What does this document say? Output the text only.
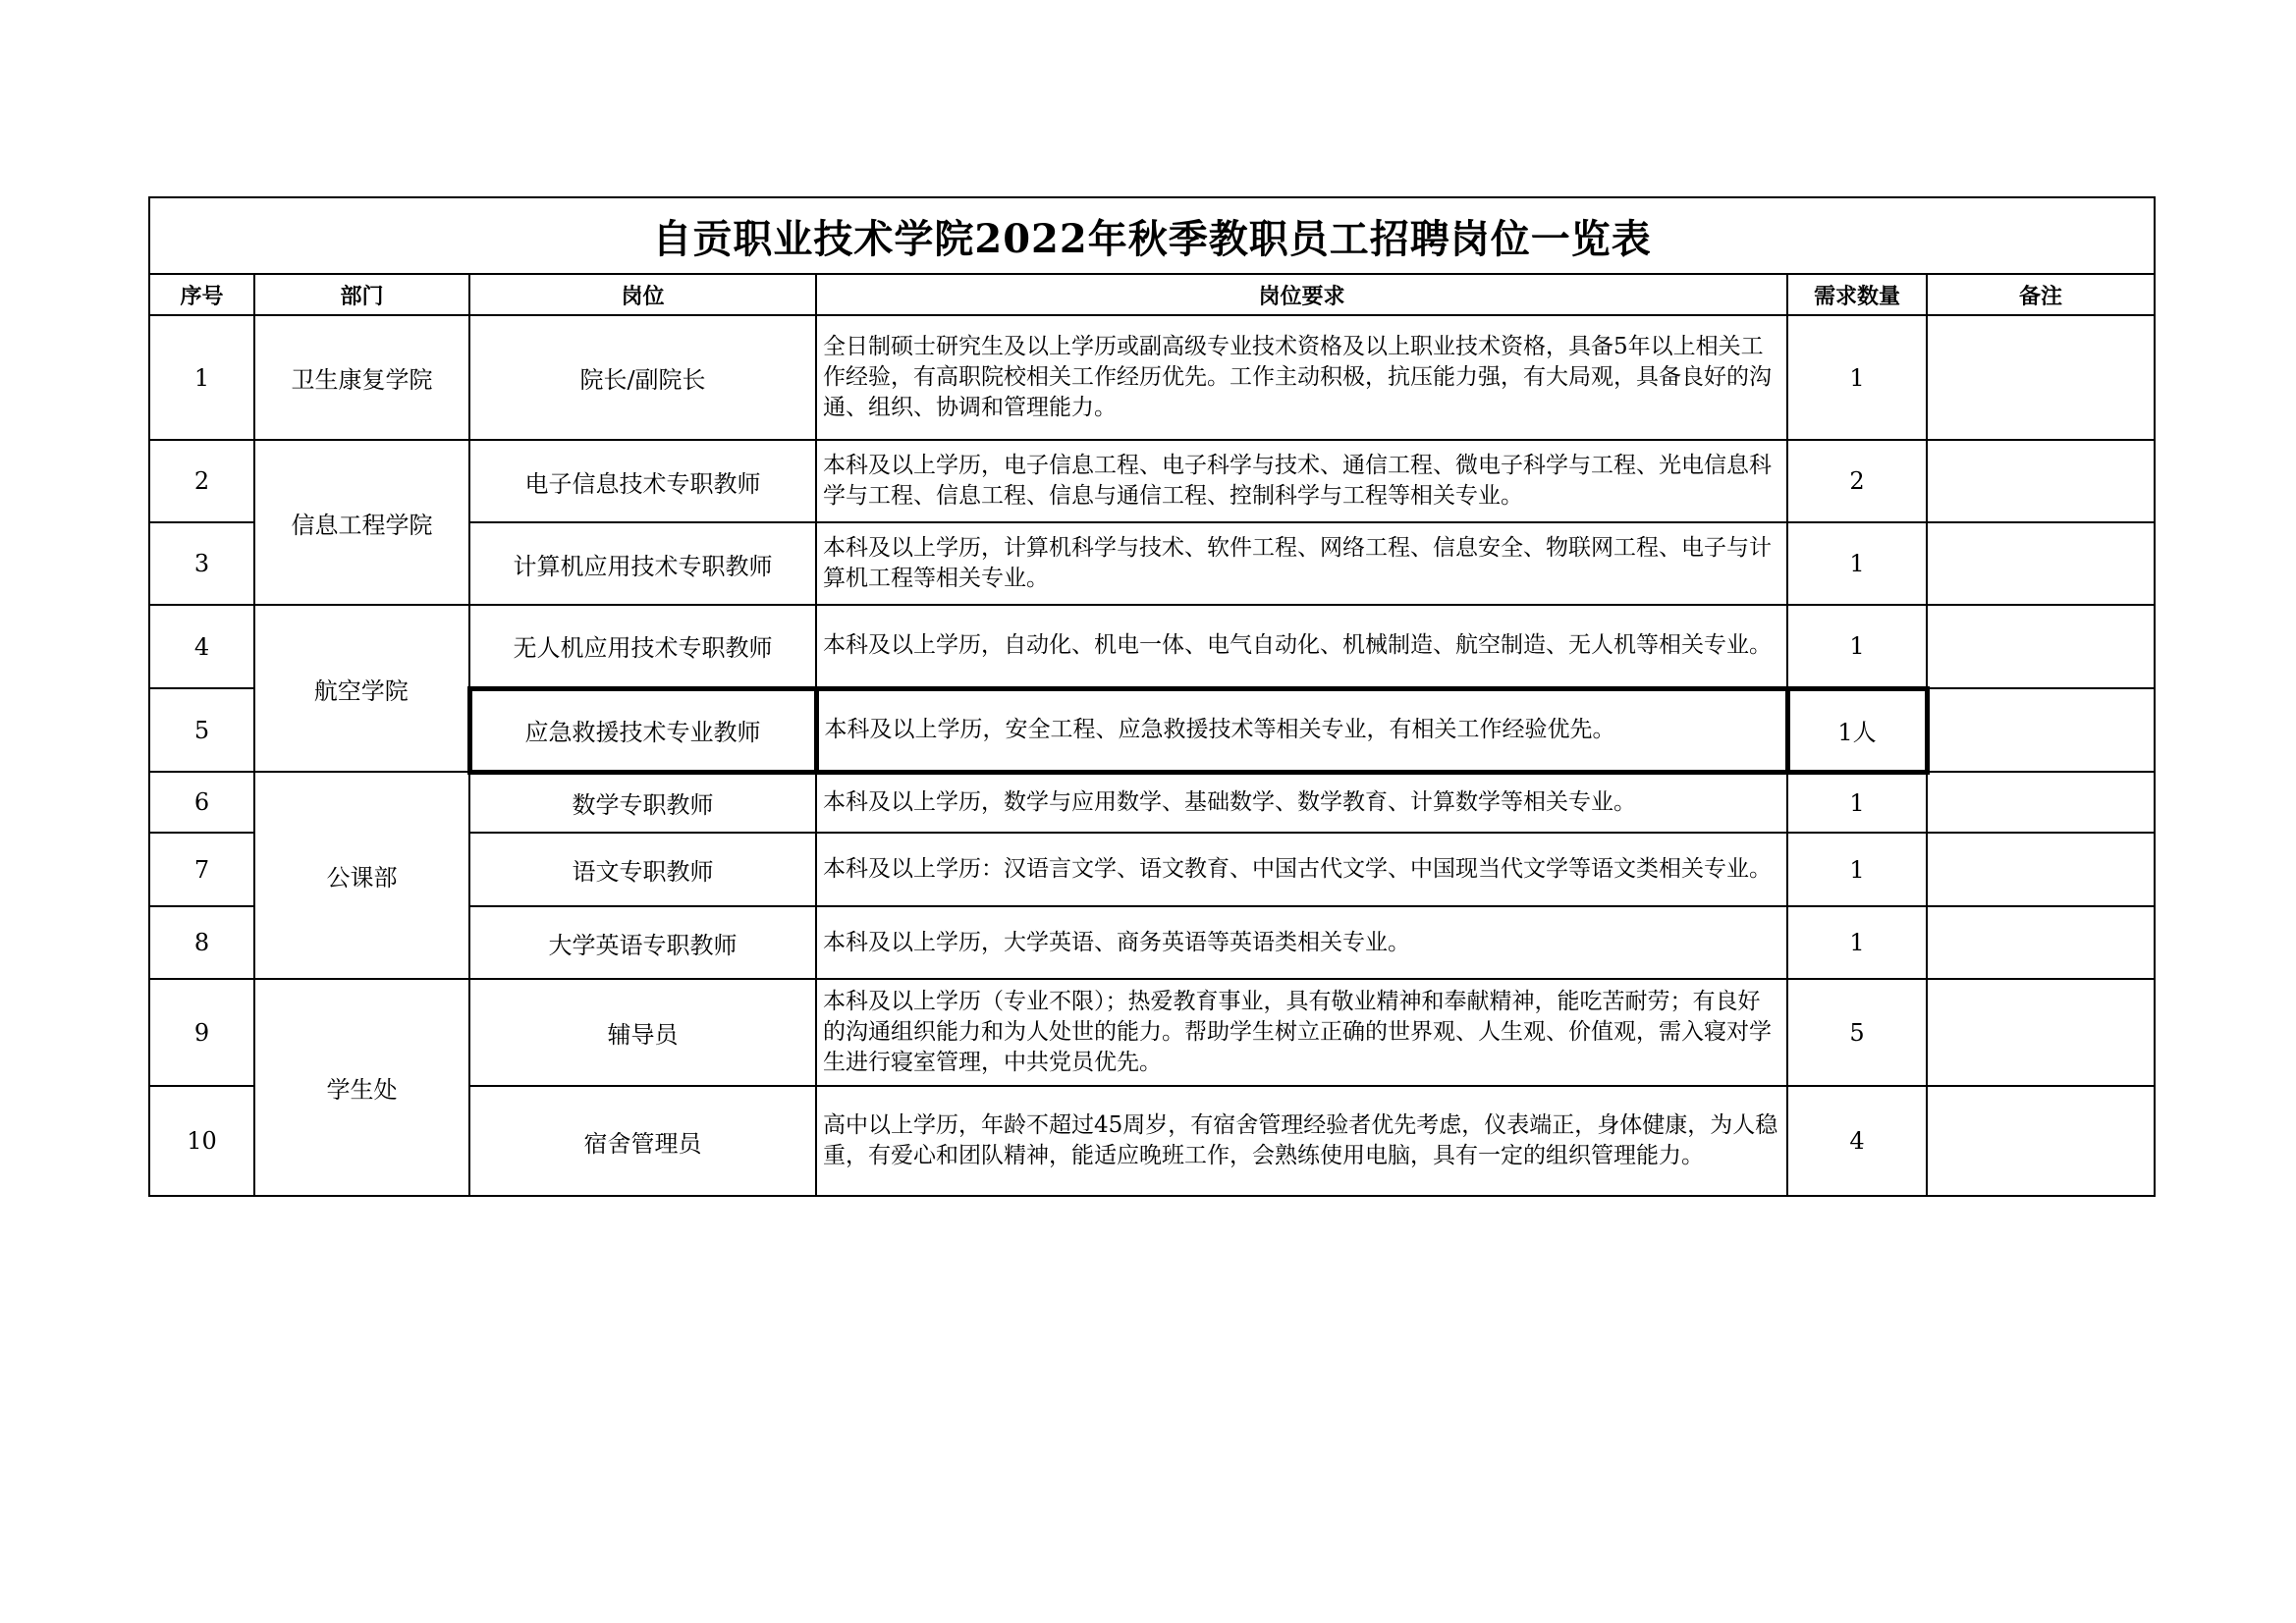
自贡职业技术学院2022年秋季教职员工招聘岗位一览表					
序号	部门	岗位	岗位要求	需求数量	备注
1	卫生康复学院	院长/副院长	全日制硕士研究生及以上学历或副高级专业技术资格及以上职业技术资格，具备5年以上相关工作经验，有高职院校相关工作经历优先。工作主动积极，抗压能力强，有大局观，具备良好的沟通、组织、协调和管理能力。	1	
2	信息工程学院	电子信息技术专职教师	本科及以上学历，电子信息工程、电子科学与技术、通信工程、微电子科学与工程、光电信息科学与工程、信息工程、信息与通信工程、控制科学与工程等相关专业。	2	
3		计算机应用技术专职教师	本科及以上学历，计算机科学与技术、软件工程、网络工程、信息安全、物联网工程、电子与计算机工程等相关专业。	1	
4	航空学院	无人机应用技术专职教师	本科及以上学历，自动化、机电一体、电气自动化、机械制造、航空制造、无人机等相关专业。	1	
5		应急救援技术专业教师	本科及以上学历，安全工程、应急救援技术等相关专业，有相关工作经验优先。	1人	
6	公课部	数学专职教师	本科及以上学历，数学与应用数学、基础数学、数学教育、计算数学等相关专业。	1	
7		语文专职教师	本科及以上学历：汉语言文学、语文教育、中国古代文学、中国现当代文学等语文类相关专业。	1	
8		大学英语专职教师	本科及以上学历，大学英语、商务英语等英语类相关专业。	1	
9	学生处	辅导员	本科及以上学历（专业不限）；热爱教育事业，具有敬业精神和奉献精神，能吃苦耐劳；有良好的沟通组织能力和为人处世的能力。帮助学生树立正确的世界观、人生观、价值观，需入寝对学生进行寝室管理，中共党员优先。	5	
10		宿舍管理员	高中以上学历，年龄不超过45周岁，有宿舍管理经验者优先考虑，仪表端正，身体健康，为人稳重，有爱心和团队精神，能适应晚班工作，会熟练使用电脑，具有一定的组织管理能力。	4	
